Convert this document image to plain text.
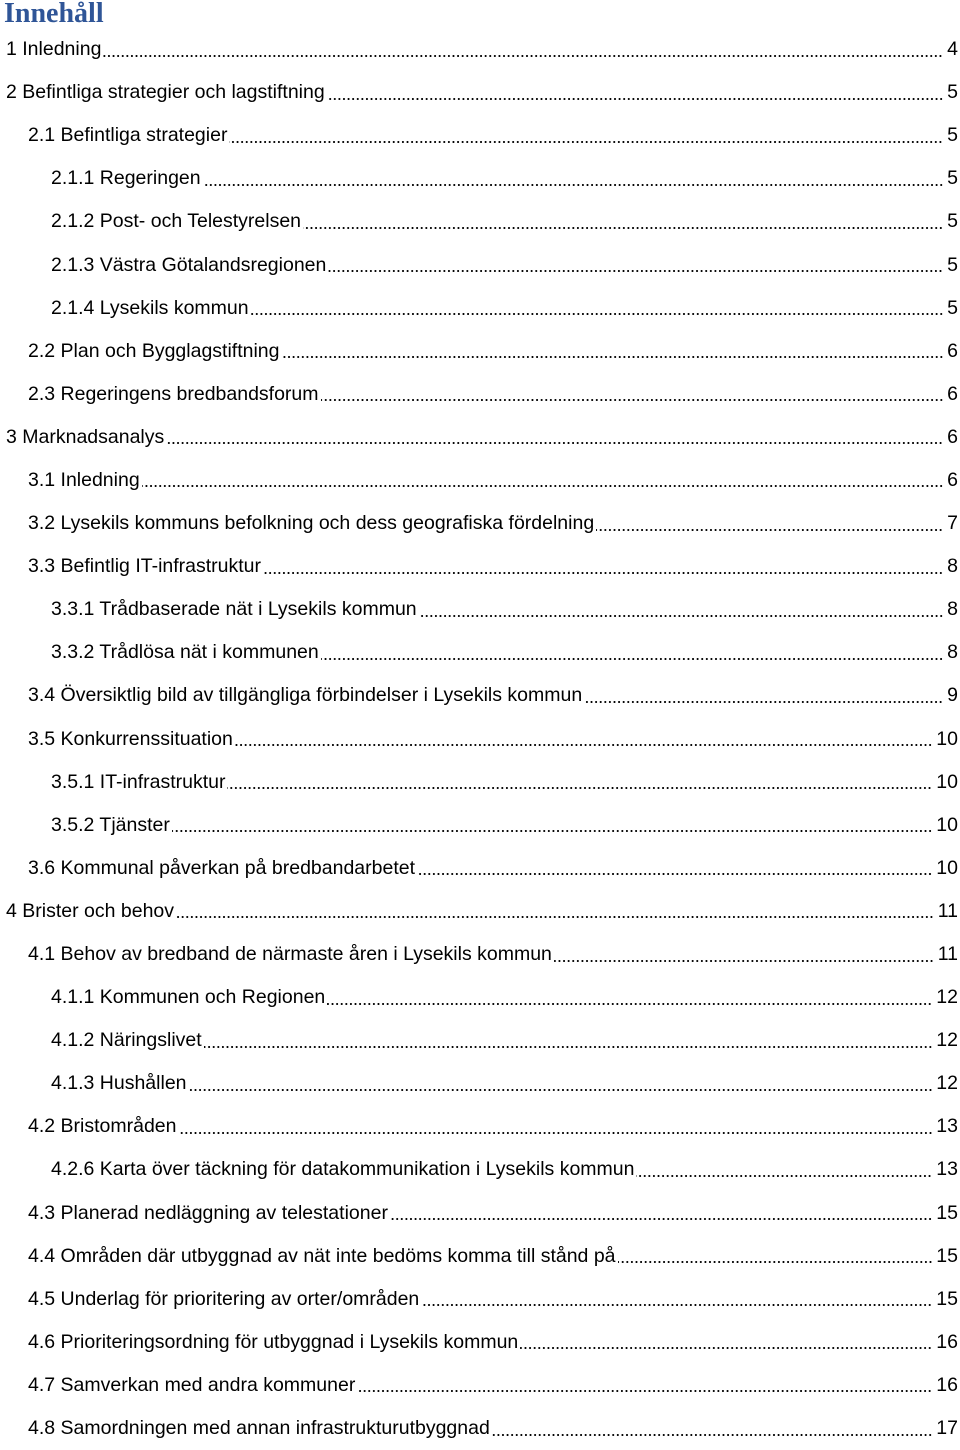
Innehåll
1 Inledning	4
2 Befintliga strategier och lagstiftning	5
2.1 Befintliga strategier	5
2.1.1 Regeringen	5
2.1.2 Post- och Telestyrelsen	5
2.1.3 Västra Götalandsregionen	5
2.1.4 Lysekils kommun	5
2.2 Plan och Bygglagstiftning	6
2.3 Regeringens bredbandsforum	6
3 Marknadsanalys	6
3.1 Inledning	6
3.2 Lysekils kommuns befolkning och dess geografiska fördelning	7
3.3 Befintlig IT-infrastruktur	8
3.3.1 Trådbaserade nät i Lysekils kommun	8
3.3.2 Trådlösa nät i kommunen	8
3.4 Översiktlig bild av tillgängliga förbindelser i Lysekils kommun	9
3.5 Konkurrenssituation	10
3.5.1 IT-infrastruktur	10
3.5.2 Tjänster	10
3.6 Kommunal påverkan på bredbandarbetet	10
4 Brister och behov	11
4.1 Behov av bredband de närmaste åren i Lysekils kommun	11
4.1.1 Kommunen och Regionen	12
4.1.2 Näringslivet	12
4.1.3 Hushållen	12
4.2 Bristområden	13
4.2.6 Karta över täckning för datakommunikation i Lysekils kommun	13
4.3 Planerad nedläggning av telestationer	15
4.4 Områden där utbyggnad av nät inte bedöms komma till stånd på	15
4.5 Underlag för prioritering av orter/områden	15
4.6 Prioriteringsordning för utbyggnad i Lysekils kommun	16
4.7 Samverkan med andra kommuner	16
4.8 Samordningen med annan infrastrukturutbyggnad	17
